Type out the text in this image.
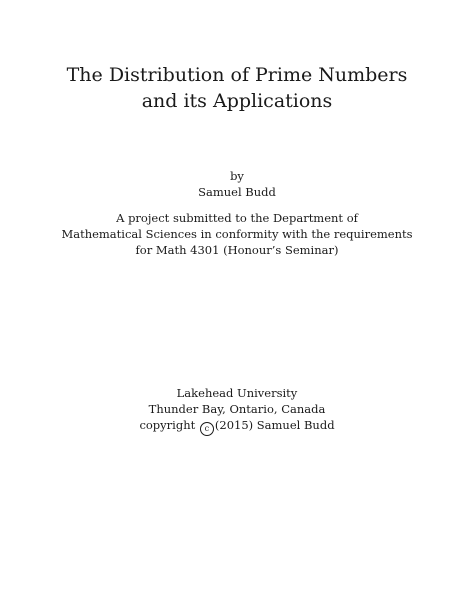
The Distribution of Prime Numbers
and its Applications
by
Samuel Budd
A project submitted to the Department of
Mathematical Sciences in conformity with the requirements
for Math 4301 (Honour’s Seminar)
Lakehead University
Thunder Bay, Ontario, Canada
copyright c (2015) Samuel Budd
